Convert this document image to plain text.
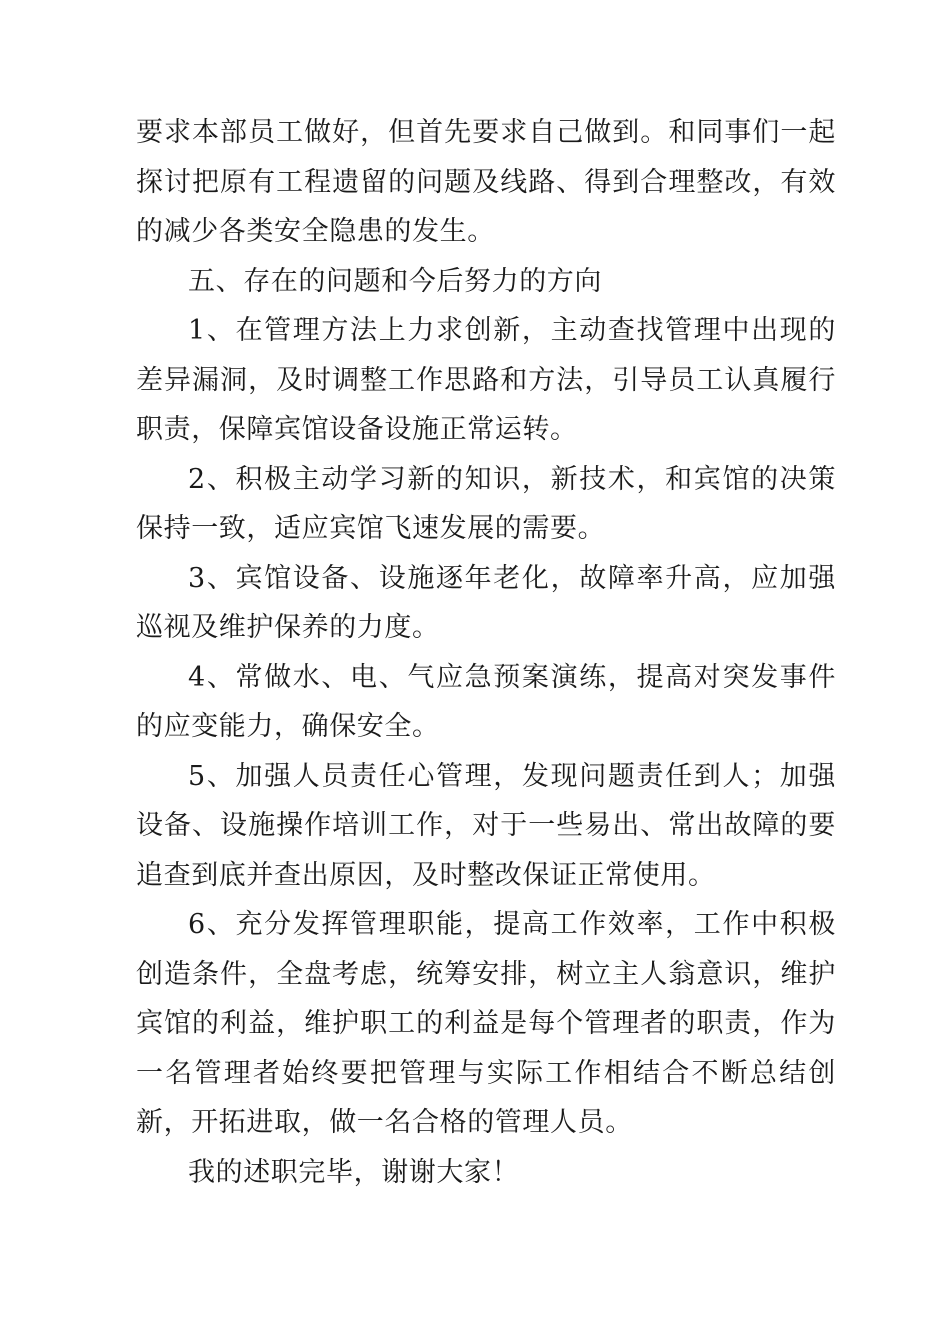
要求本部员工做好，但首先要求自己做到。和同事们一起探讨把原有工程遗留的问题及线路、得到合理整改，有效的减少各类安全隐患的发生。

五、存在的问题和今后努力的方向

1、在管理方法上力求创新，主动查找管理中出现的差异漏洞，及时调整工作思路和方法，引导员工认真履行职责，保障宾馆设备设施正常运转。

2、积极主动学习新的知识，新技术，和宾馆的决策保持一致，适应宾馆飞速发展的需要。

3、宾馆设备、设施逐年老化，故障率升高，应加强巡视及维护保养的力度。

4、常做水、电、气应急预案演练，提高对突发事件的应变能力，确保安全。

5、加强人员责任心管理，发现问题责任到人；加强设备、设施操作培训工作，对于一些易出、常出故障的要追查到底并查出原因，及时整改保证正常使用。

6、充分发挥管理职能，提高工作效率，工作中积极创造条件，全盘考虑，统筹安排，树立主人翁意识，维护宾馆的利益，维护职工的利益是每个管理者的职责，作为一名管理者始终要把管理与实际工作相结合不断总结创新，开拓进取，做一名合格的管理人员。

我的述职完毕，谢谢大家！
